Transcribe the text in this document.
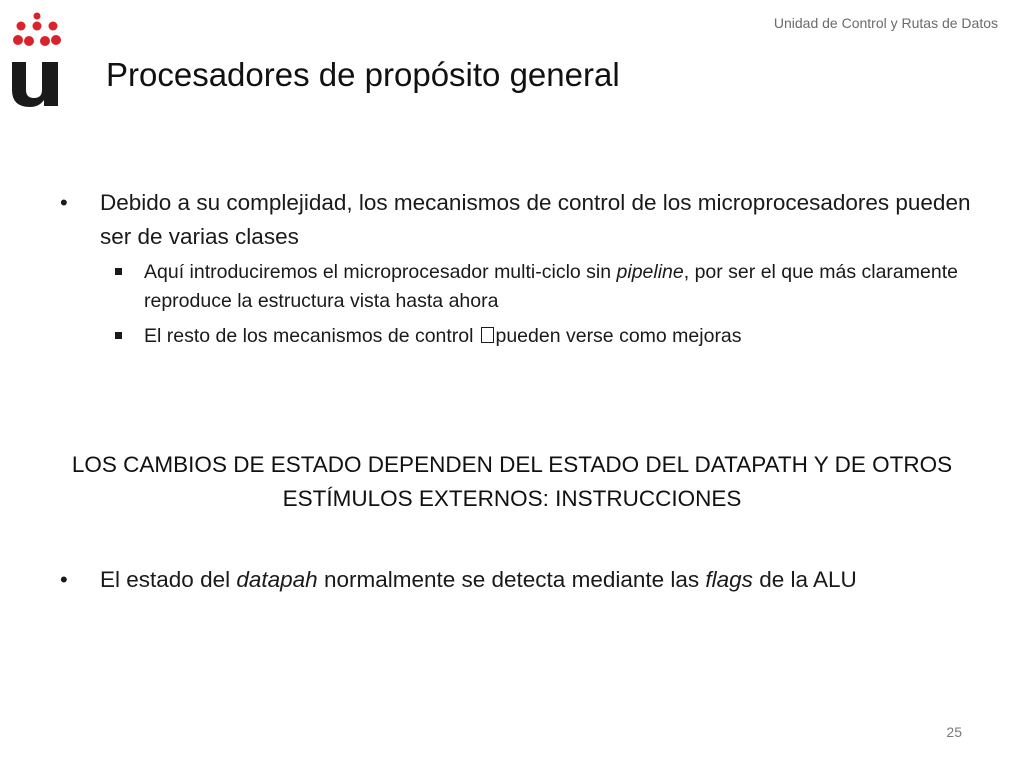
Unidad de Control y Rutas de Datos
Procesadores de propósito general
•	Debido a su complejidad, los mecanismos de control de los microprocesadores pueden ser de varias clases
Aquí introduciremos el microprocesador multi-ciclo sin pipeline, por ser el que más claramente reproduce la estructura vista hasta ahora
El resto de los mecanismos de control pueden verse como mejoras
LOS CAMBIOS DE ESTADO DEPENDEN DEL ESTADO DEL DATAPATH Y DE OTROS ESTÍMULOS EXTERNOS: INSTRUCCIONES
•	El estado del datapah normalmente se detecta mediante las flags de la ALU
25
